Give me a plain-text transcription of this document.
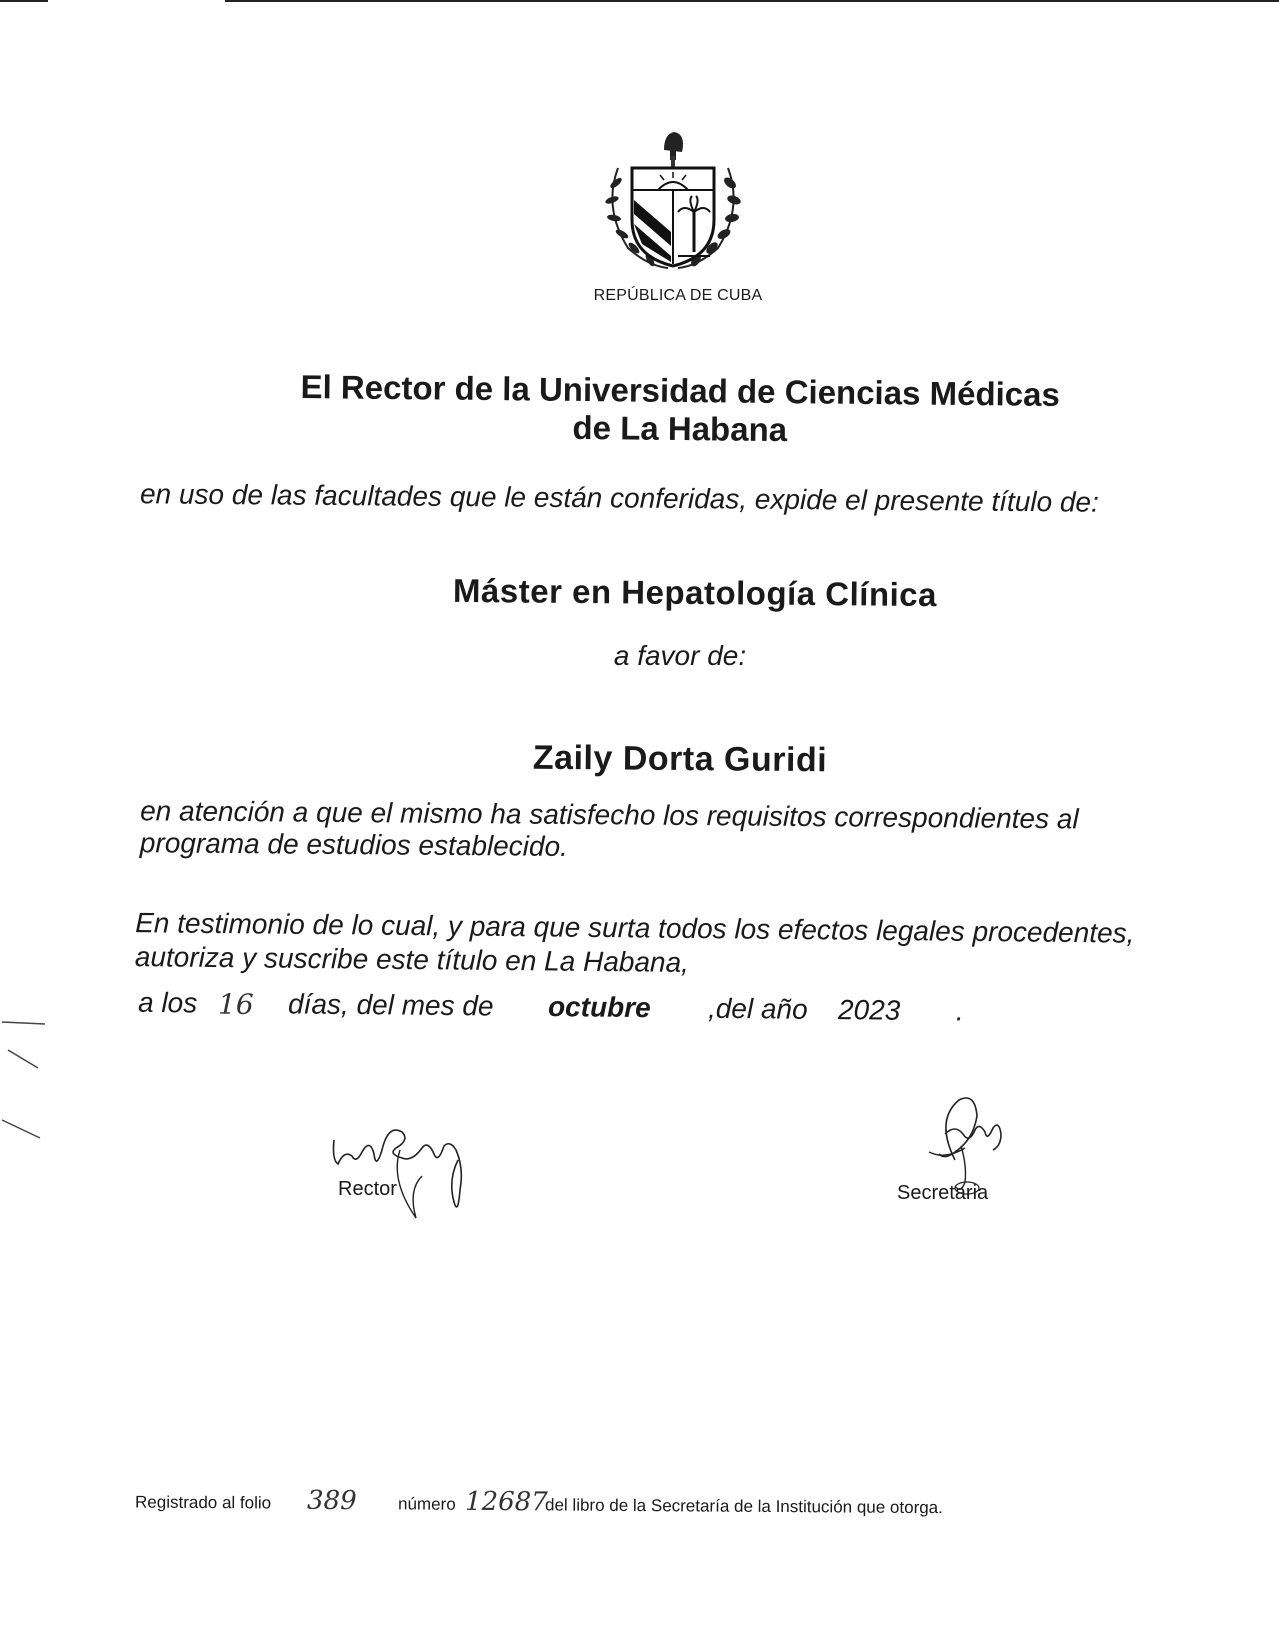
REPÚBLICA DE CUBA
El Rector de la Universidad de Ciencias Médicas
de La Habana
en uso de las facultades que le están conferidas, expide el presente título de:
Máster en Hepatología Clínica
a favor de:
Zaily Dorta Guridi
en atención a que el mismo ha satisfecho los requisitos correspondientes al
programa de estudios establecido.
En testimonio de lo cual, y para que surta todos los efectos legales procedentes,
autoriza y suscribe este título en La Habana,
a los 16 días, del mes de octubre ,del año 2023 .
Rector	Secretaria
Registrado al folio 389 número 12687
del libro de la Secretaría de la Institución que otorga.
